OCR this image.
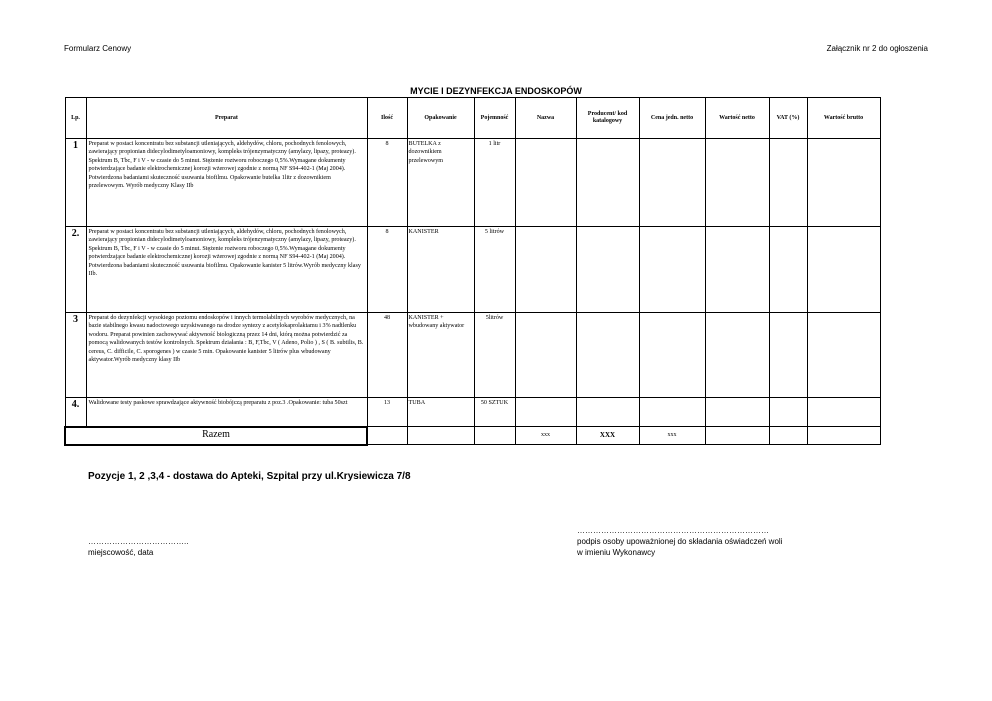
Formularz Cenowy	Załącznik nr 2 do ogłoszenia
MYCIE I DEZYNFEKCJA ENDOSKOPÓW
Lp.	Preparat	Ilość	Opakowanie	Pojemność	Nazwa	Producent/ kod katalogowy	Cena jedn. netto	Wartość netto	VAT (%)	Wartość brutto
1	Preparat w postaci koncentratu bez substancji utleniających, aldehydów, chloru, pochodnych fenolowych, zawierający propionian didecylodimetyloamoniowy, kompleks trójenzymatyczny (amylazy, lipazy, proteazy). Spektrum B, Tbc, F i V - w czasie do 5 minut. Stężenie roztworu roboczego 0,5%.Wymagane dokumenty potwierdzające badanie elektrochemicznej korozji wżerowej zgodnie z normą NF S94-402-1 (Maj 2004). Potwierdzona badaniami skuteczność usuwania biofilmu. Opakowanie butelka 1litr z dozownikiem przelewowym. Wyrób medyczny Klasy IIb	8	BUTELKA z dozownikiem przelewowym	1 litr						
2.	Preparat w postaci koncentratu bez substancji utleniających, aldehydów, chloru, pochodnych fenolowych, zawierający propionian didecylodimetyloamoniowy, kompleks trójenzymatyczny (amylazy, lipazy, proteazy). Spektrum B, Tbc, F i V - w czasie do 5 minut. Stężenie roztworu roboczego 0,5%.Wymagane dokumenty potwierdzające badanie elektrochemicznej korozji wżerowej zgodnie z normą NF S94-402-1 (Maj 2004). Potwierdzona badaniami skuteczność usuwania biofilmu. Opakowanie kanister 5 litrów.Wyrób medyczny klasy IIb.	8	KANISTER	5 litrów						
3	Preparat do dezynfekcji wysokiego poziomu endoskopów i innych termolabilnych wyrobów medycznych, na bazie stabilnego kwasu nadoctowego uzyskiwanego na drodze syntezy z acetylokaprolaktamu i 3% nadtlenku wodoru. Preparat powinien zachowywać aktywność biologiczną przez 14 dni, którą można potwierdzić za pomocą walidowanych testów kontrolnych. Spektrum działania : B, F,Tbc, V ( Adeno, Polio ) , S ( B. subtilis, B. cereus, C. difficile, C. sporogenes ) w czasie 5 min. Opakowanie kanister 5 litrów plus wbudowany aktywator.Wyrób medyczny klasy IIb	48	KANISTER + wbudowany aktywator	5litrów						
4.	Walidowane testy paskowe sprawdzające aktywność biobójczą preparatu z poz.3 .Opakowanie: tuba 50szt	13	TUBA	50 SZTUK						
Razem					xxx	XXX	xxx			
Pozycje 1, 2 ,3,4 - dostawa do Apteki, Szpital przy ul.Krysiewicza 7/8
………………………………..
miejscowość, data
………………………………………………………………
podpis osoby upoważnionej do składania oświadczeń woli
w imieniu Wykonawcy
